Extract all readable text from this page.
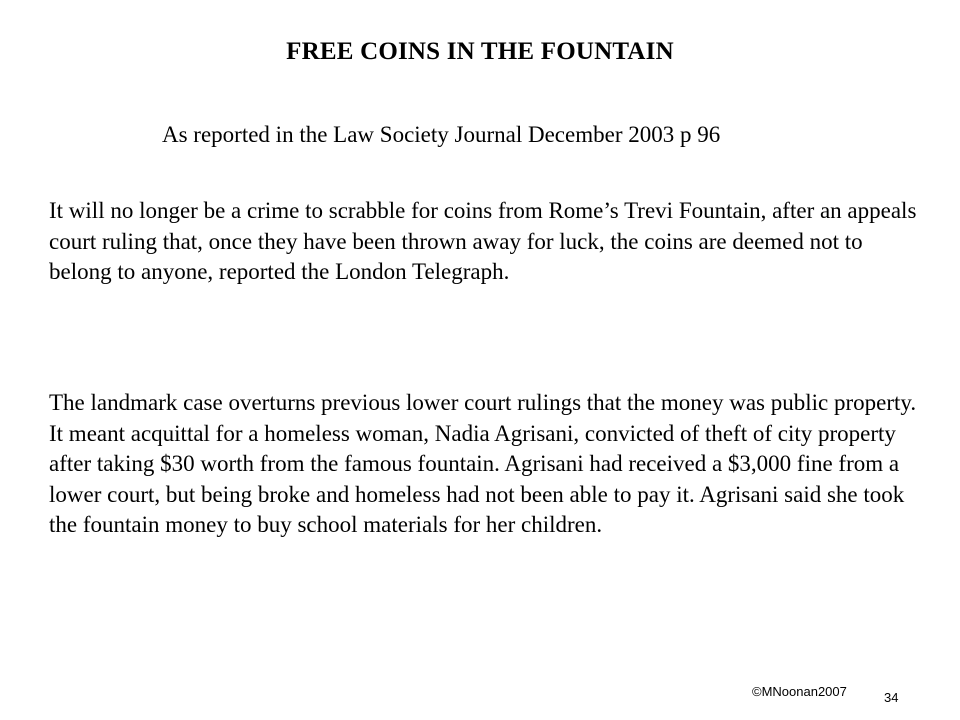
FREE COINS IN THE FOUNTAIN

As reported in the Law Society Journal December 2003 p 96

It will no longer be a crime to scrabble for coins from Rome’s Trevi Fountain, after an appeals court ruling that, once they have been thrown away for luck, the coins are deemed not to belong to anyone, reported the London Telegraph.

The landmark case overturns previous lower court rulings that the money was public property. It meant acquittal for a homeless woman, Nadia Agrisani, convicted of theft of city property after taking $30 worth from the famous fountain. Agrisani had received a $3,000 fine from a lower court, but being broke and homeless had not been able to pay it. Agrisani said she took the fountain money to buy school materials for her children.

©MNoonan2007	34
